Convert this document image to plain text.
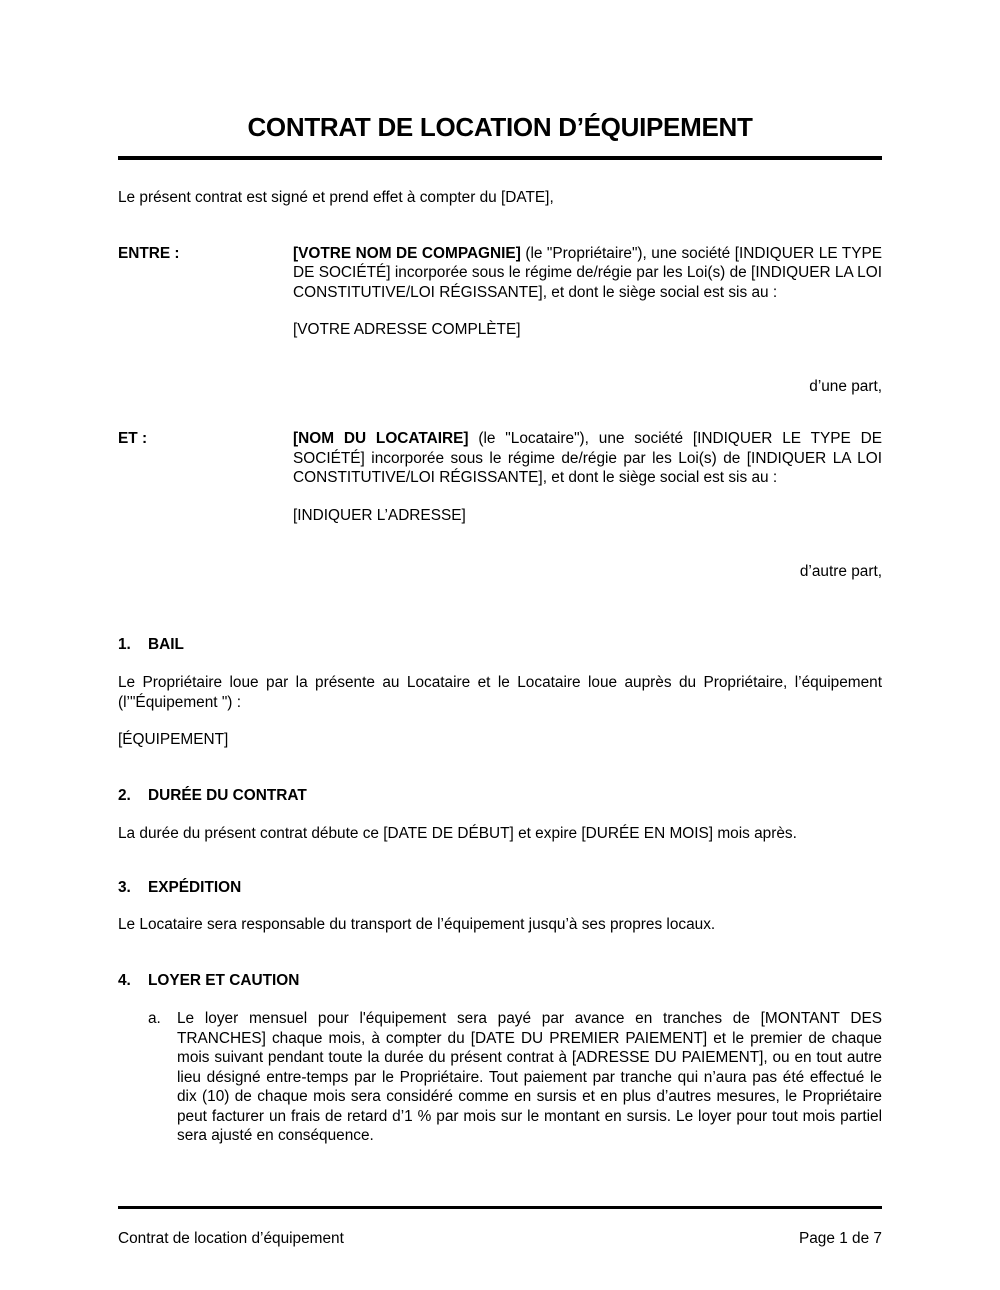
CONTRAT DE LOCATION D’ÉQUIPEMENT
Le présent contrat est signé et prend effet à compter du [DATE],
ENTRE :	[VOTRE NOM DE COMPAGNIE] (le "Propriétaire"), une société [INDIQUER LE TYPE DE SOCIÉTÉ] incorporée sous le régime de/régie par les Loi(s) de [INDIQUER LA LOI CONSTITUTIVE/LOI RÉGISSANTE], et dont le siège social est sis au :
[VOTRE ADRESSE COMPLÈTE]
d’une part,
ET :	[NOM DU LOCATAIRE] (le "Locataire"), une société [INDIQUER LE TYPE DE SOCIÉTÉ] incorporée sous le régime de/régie par les Loi(s) de [INDIQUER LA LOI CONSTITUTIVE/LOI RÉGISSANTE], et dont le siège social est sis au :
[INDIQUER L’ADRESSE]
d’autre part,
1.	BAIL
Le Propriétaire loue par la présente au Locataire et le Locataire loue auprès du Propriétaire, l’équipement (l’"Équipement ") :
[ÉQUIPEMENT]
2.	DURÉE DU CONTRAT
La durée du présent contrat débute ce [DATE DE DÉBUT] et expire [DURÉE EN MOIS] mois après.
3.	EXPÉDITION
Le Locataire sera responsable du transport de l’équipement jusqu’à ses propres locaux.
4.	LOYER ET CAUTION
a.	Le loyer mensuel pour l'équipement sera payé par avance en tranches de [MONTANT DES TRANCHES] chaque mois, à compter du [DATE DU PREMIER PAIEMENT] et le premier de chaque mois suivant pendant toute la durée du présent contrat à [ADRESSE DU PAIEMENT], ou en tout autre lieu désigné entre-temps par le Propriétaire. Tout paiement par tranche qui n’aura pas été effectué le dix (10) de chaque mois sera considéré comme en sursis et en plus d’autres mesures, le Propriétaire peut facturer un frais de retard d’1 % par mois sur le montant en sursis. Le loyer pour tout mois partiel sera ajusté en conséquence.
Contrat de location d’équipement	Page 1 de 7
